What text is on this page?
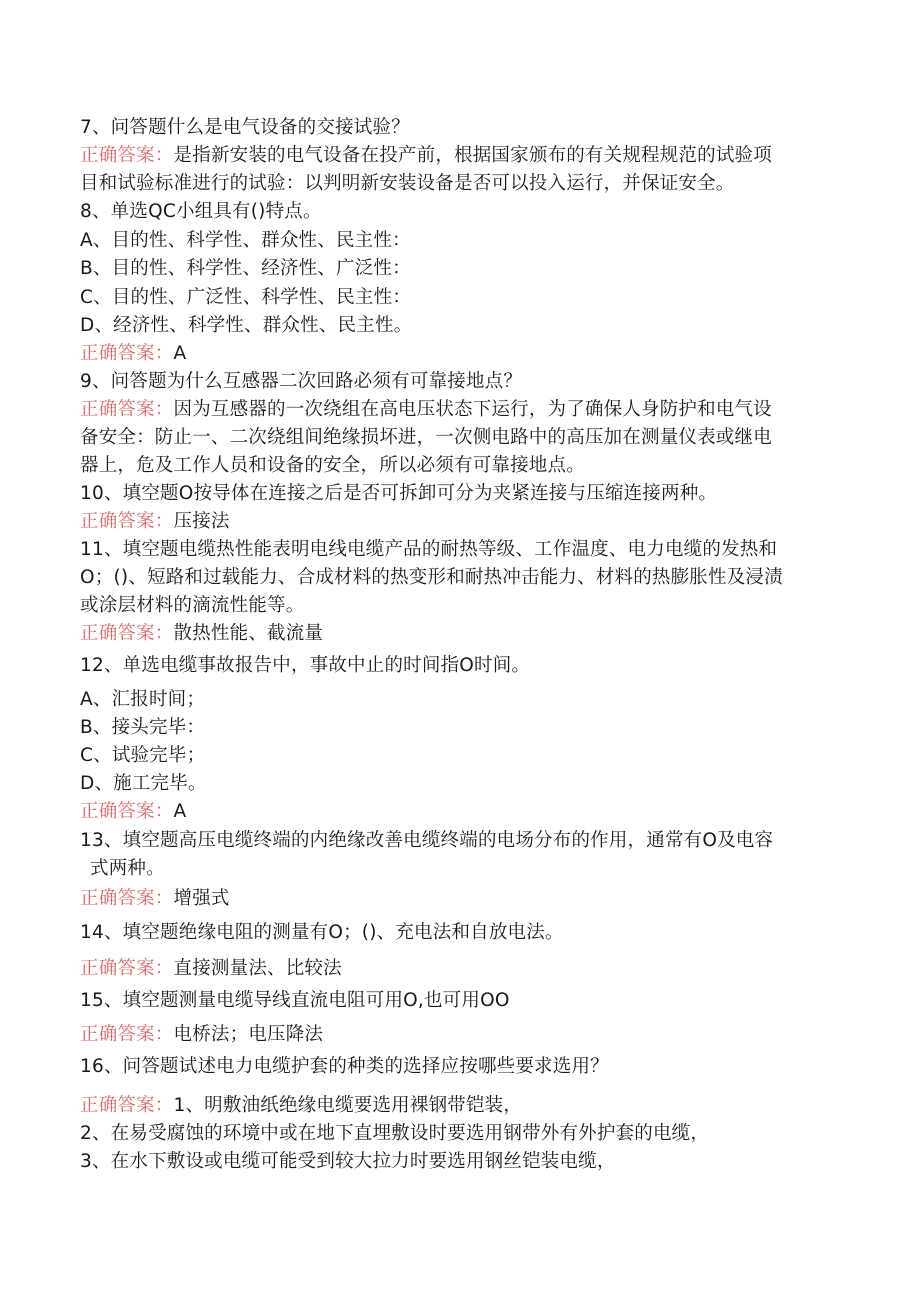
7、问答题什么是电气设备的交接试验？
正确答案：是指新安装的电气设备在投产前，根据国家颁布的有关规程规范的试验项
目和试验标准进行的试验：以判明新安装设备是否可以投入运行，并保证安全。
8、单选QC小组具有()特点。
A、目的性、科学性、群众性、民主性：
B、目的性、科学性、经济性、广泛性：
C、目的性、广泛性、科学性、民主性：
D、经济性、科学性、群众性、民主性。
正确答案：A
9、问答题为什么互感器二次回路必须有可靠接地点？
正确答案：因为互感器的一次绕组在高电压状态下运行，为了确保人身防护和电气设
备安全：防止一、二次绕组间绝缘损坏进，一次侧电路中的高压加在测量仪表或继电
器上，危及工作人员和设备的安全，所以必须有可靠接地点。
10、填空题O按导体在连接之后是否可拆卸可分为夹紧连接与压缩连接两种。
正确答案：压接法
11、填空题电缆热性能表明电线电缆产品的耐热等级、工作温度、电力电缆的发热和
O；()、短路和过载能力、合成材料的热变形和耐热冲击能力、材料的热膨胀性及浸渍
或涂层材料的滴流性能等。
正确答案：散热性能、截流量
12、单选电缆事故报告中，事故中止的时间指O时间。
A、汇报时间；
B、接头完毕：
C、试验完毕；
D、施工完毕。
正确答案：A
13、填空题高压电缆终端的内绝缘改善电缆终端的电场分布的作用，通常有O及电容
式两种。
正确答案：增强式
14、填空题绝缘电阻的测量有O；()、充电法和自放电法。
正确答案：直接测量法、比较法
15、填空题测量电缆导线直流电阻可用O,也可用OO
正确答案：电桥法；电压降法
16、问答题试述电力电缆护套的种类的选择应按哪些要求选用？
正确答案：1、明敷油纸绝缘电缆要选用裸钢带铠装，
2、在易受腐蚀的环境中或在地下直埋敷设时要选用钢带外有外护套的电缆，
3、在水下敷设或电缆可能受到较大拉力时要选用钢丝铠装电缆，
